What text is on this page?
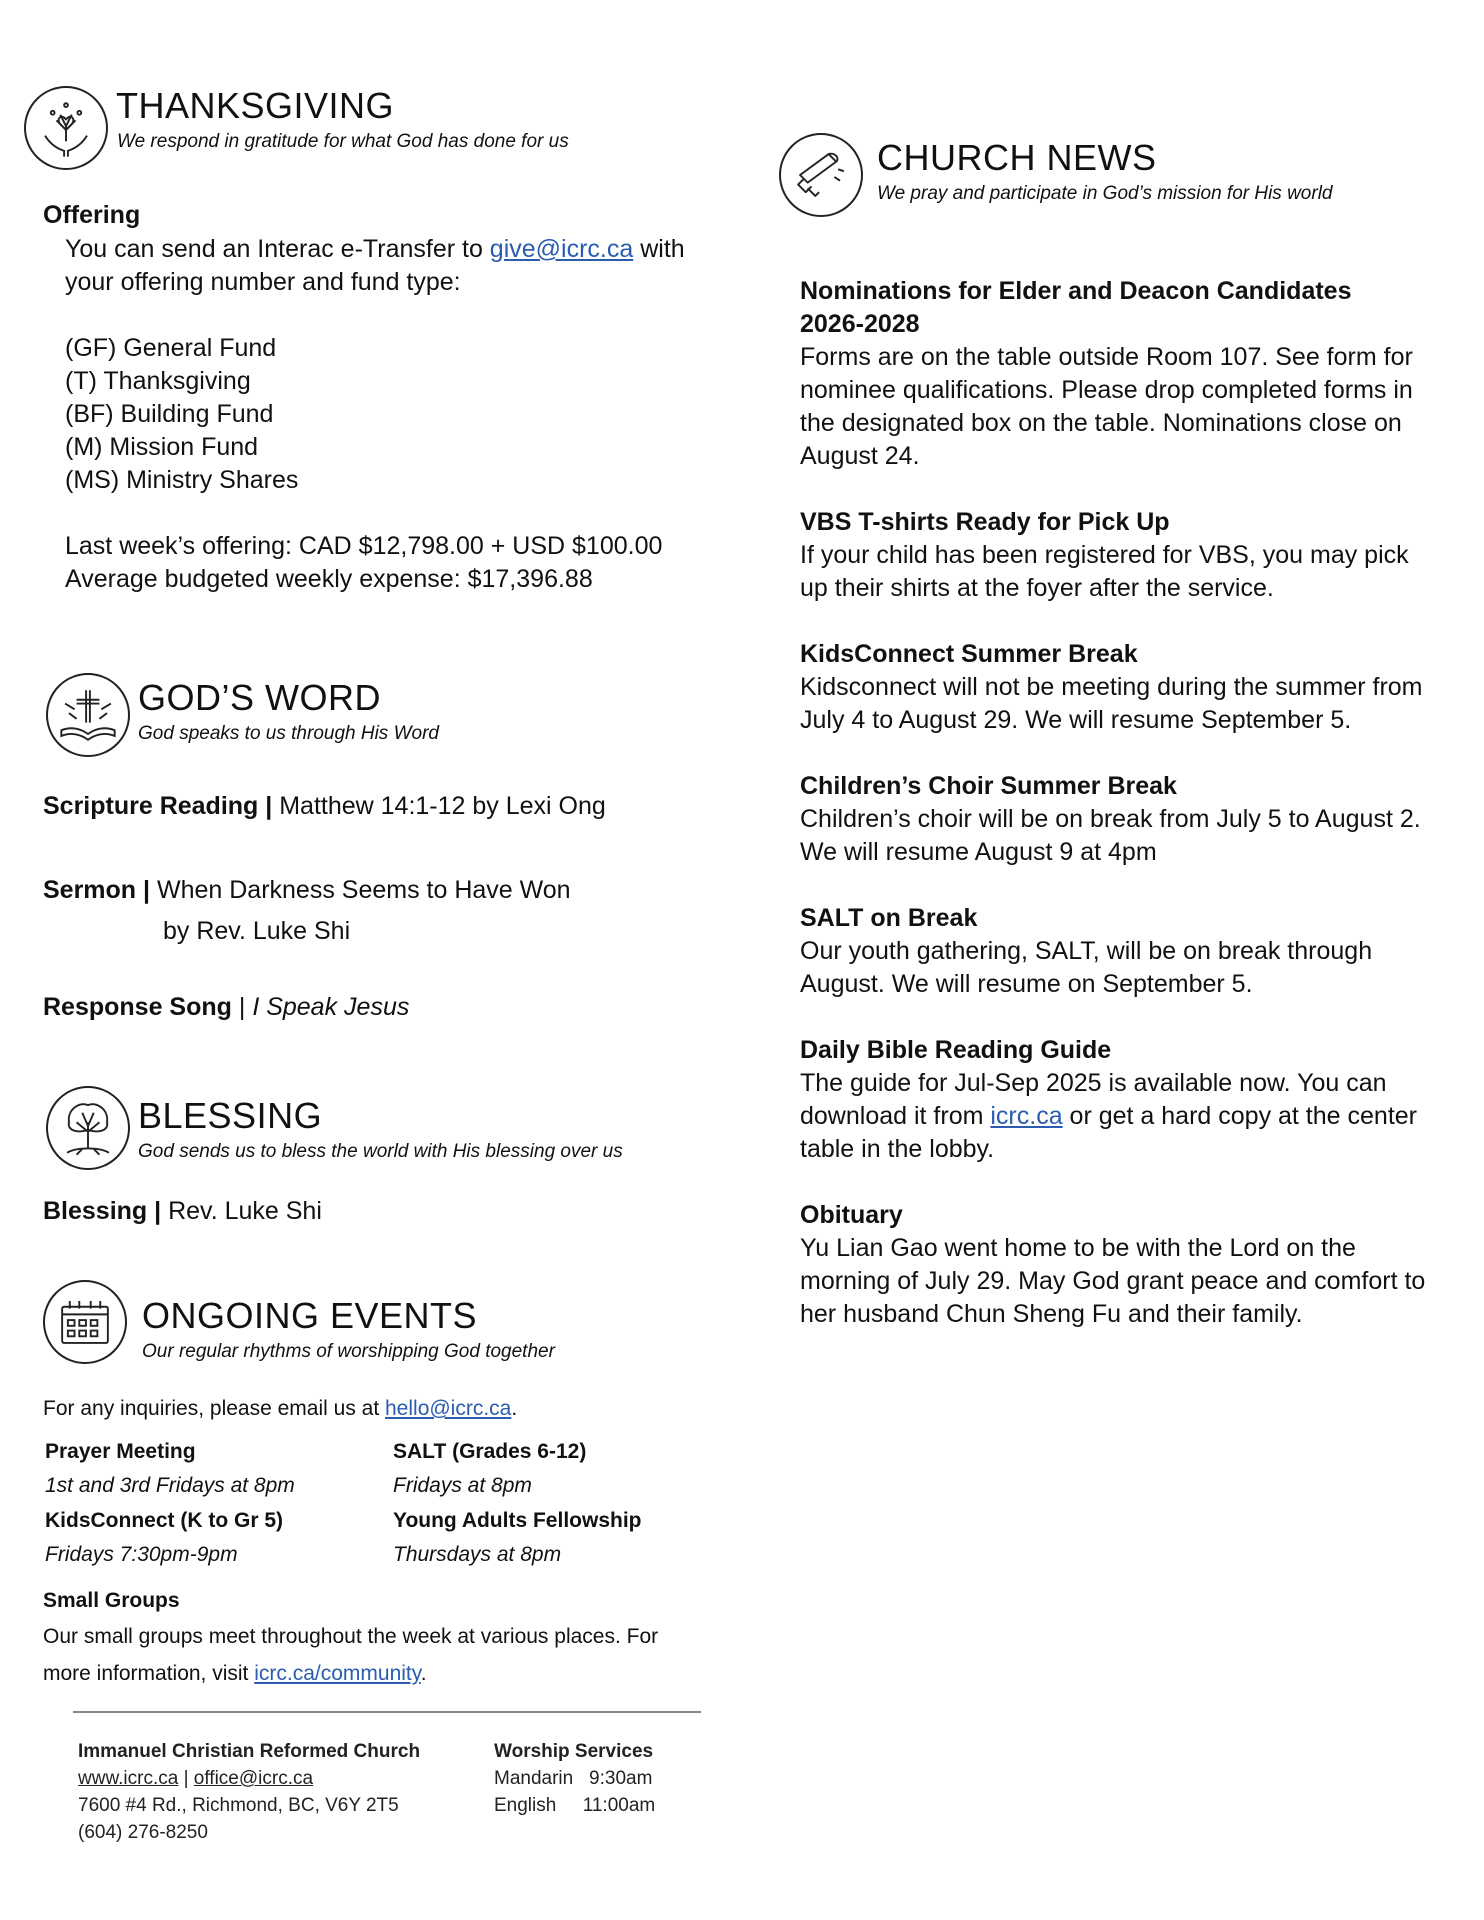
THANKSGIVING
We respond in gratitude for what God has done for us
Offering
You can send an Interac e-Transfer to give@icrc.ca with
your offering number and fund type:
(GF) General Fund
(T) Thanksgiving
(BF) Building Fund
(M) Mission Fund
(MS) Ministry Shares
Last week’s offering: CAD $12,798.00 + USD $100.00
Average budgeted weekly expense: $17,396.88
GOD’S WORD
God speaks to us through His Word
Scripture Reading | Matthew 14:1-12 by Lexi Ong
Sermon | When Darkness Seems to Have Won
by Rev. Luke Shi
Response Song | I Speak Jesus
BLESSING
God sends us to bless the world with His blessing over us
Blessing | Rev. Luke Shi
ONGOING EVENTS
Our regular rhythms of worshipping God together
For any inquiries, please email us at hello@icrc.ca.
Prayer Meeting
1st and 3rd Fridays at 8pm
SALT (Grades 6-12)
Fridays at 8pm
KidsConnect (K to Gr 5)
Fridays 7:30pm-9pm
Young Adults Fellowship
Thursdays at 8pm
Small Groups
Our small groups meet throughout the week at various places. For
more information, visit icrc.ca/community.
Immanuel Christian Reformed Church
www.icrc.ca | office@icrc.ca
7600 #4 Rd., Richmond, BC, V6Y 2T5
(604) 276-8250
Worship Services
Mandarin   9:30am
English     11:00am
CHURCH NEWS
We pray and participate in God’s mission for His world
Nominations for Elder and Deacon Candidates 2026-2028
Forms are on the table outside Room 107. See form for nominee qualifications. Please drop completed forms in the designated box on the table. Nominations close on August 24.
VBS T-shirts Ready for Pick Up
If your child has been registered for VBS, you may pick up their shirts at the foyer after the service.
KidsConnect Summer Break
Kidsconnect will not be meeting during the summer from July 4 to August 29. We will resume September 5.
Children’s Choir Summer Break
Children’s choir will be on break from July 5 to August 2. We will resume August 9 at 4pm
SALT on Break
Our youth gathering, SALT, will be on break through August. We will resume on September 5.
Daily Bible Reading Guide
The guide for Jul-Sep 2025 is available now. You can download it from icrc.ca or get a hard copy at the center table in the lobby.
Obituary
Yu Lian Gao went home to be with the Lord on the morning of July 29. May God grant peace and comfort to her husband Chun Sheng Fu and their family.
